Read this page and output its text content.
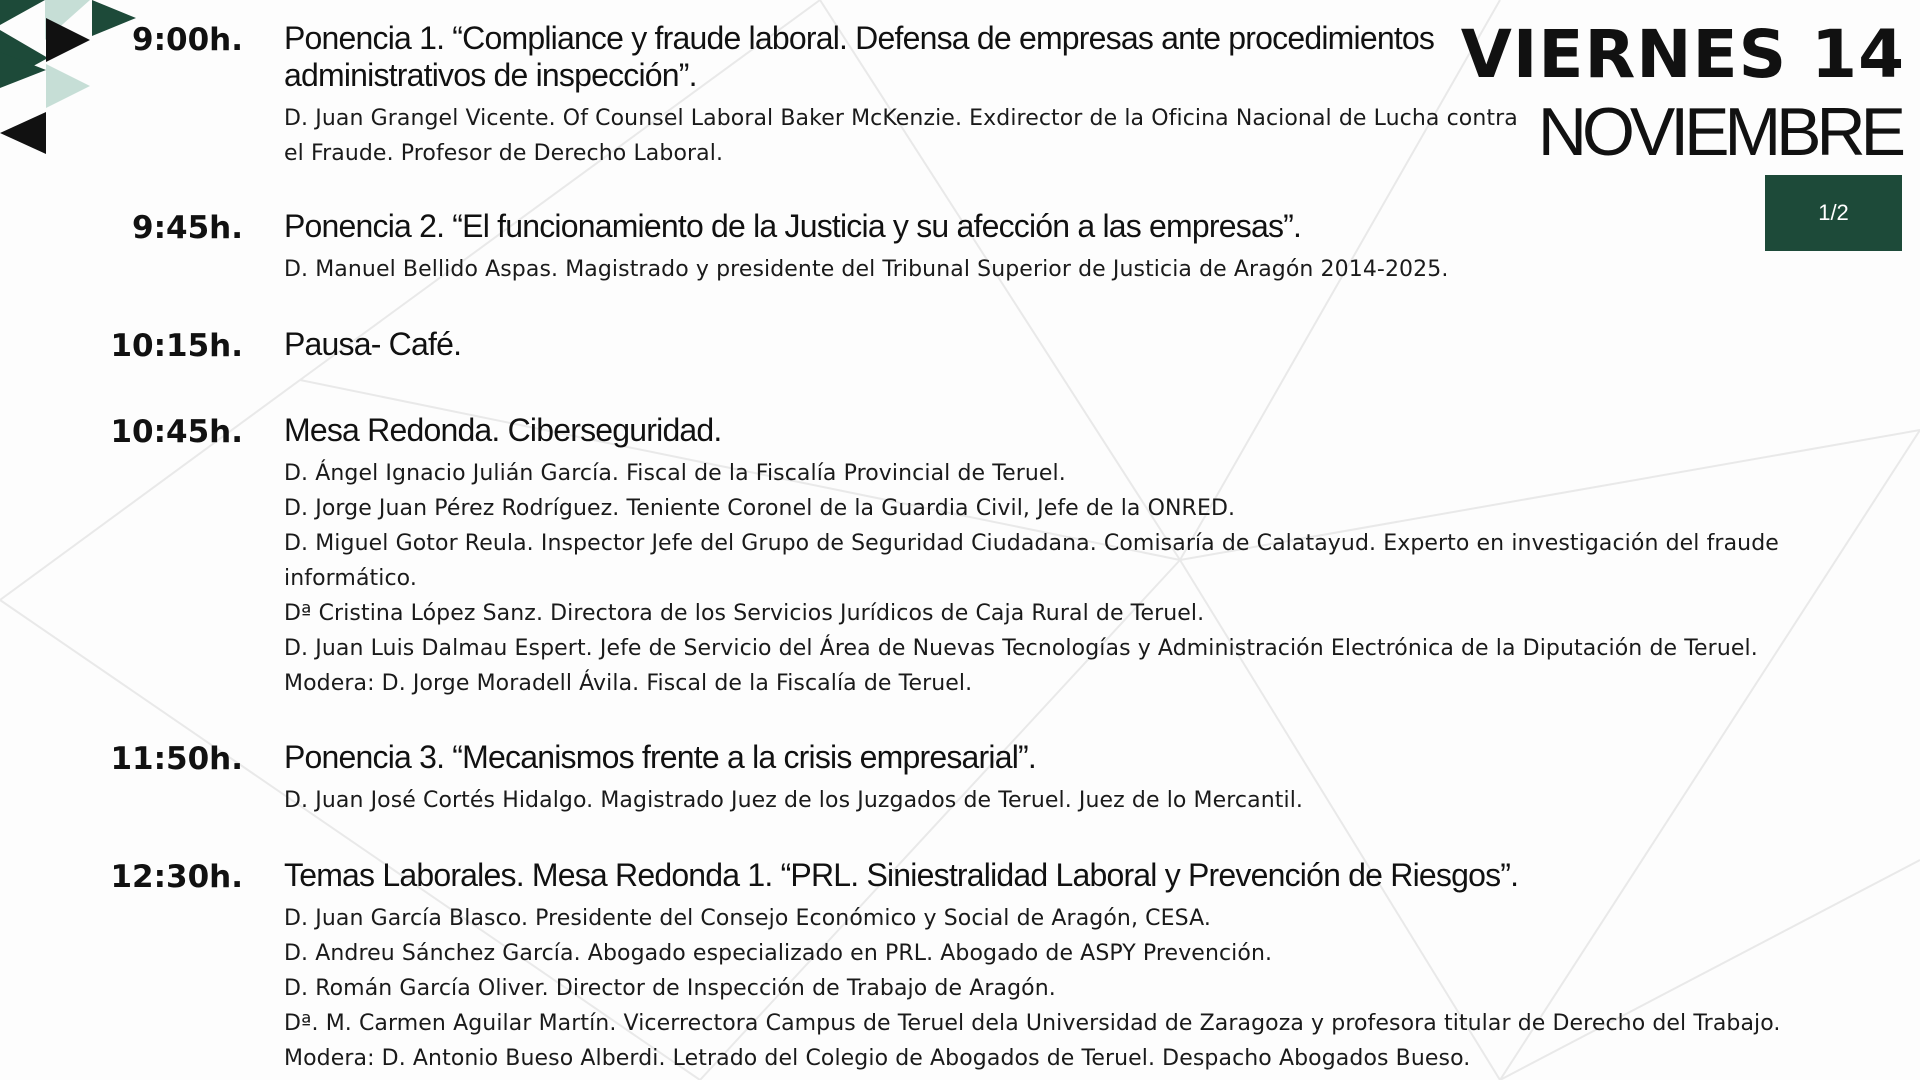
VIERNES 14
NOVIEMBRE
1/2
9:00h. Ponencia 1. “Compliance y fraude laboral. Defensa de empresas ante procedimientos administrativos de inspección”.

D. Juan Grangel Vicente. Of Counsel Laboral Baker McKenzie. Exdirector de la Oficina Nacional de Lucha contra el Fraude. Profesor de Derecho Laboral.
9:45h. Ponencia 2. “El funcionamiento de la Justicia y su afección a las empresas”.

D. Manuel Bellido Aspas. Magistrado y presidente del Tribunal Superior de Justicia de Aragón 2014-2025.
10:15h. Pausa- Café.

10:45h. Mesa Redonda. Ciberseguridad.

D. Ángel Ignacio Julián García. Fiscal de la Fiscalía Provincial de Teruel.
D. Jorge Juan Pérez Rodríguez. Teniente Coronel de la Guardia Civil, Jefe de la ONRED.
D. Miguel Gotor Reula. Inspector Jefe del Grupo de Seguridad Ciudadana. Comisaría de Calatayud. Experto en investigación del fraude informático.
Dª Cristina López Sanz. Directora de los Servicios Jurídicos de Caja Rural de Teruel.
D. Juan Luis Dalmau Espert. Jefe de Servicio del Área de Nuevas Tecnologías y Administración Electrónica de la Diputación de Teruel.
Modera: D. Jorge Moradell Ávila. Fiscal de la Fiscalía de Teruel.
11:50h. Ponencia 3. “Mecanismos frente a la crisis empresarial”.

D. Juan José Cortés Hidalgo. Magistrado Juez de los Juzgados de Teruel. Juez de lo Mercantil.
12:30h. Temas Laborales. Mesa Redonda 1. “PRL. Siniestralidad Laboral y Prevención de Riesgos”.

D. Juan García Blasco. Presidente del Consejo Económico y Social de Aragón, CESA.
D. Andreu Sánchez García. Abogado especializado en PRL. Abogado de ASPY Prevención.
D. Román García Oliver. Director de Inspección de Trabajo de Aragón.
Dª. M. Carmen Aguilar Martín. Vicerrectora Campus de Teruel dela Universidad de Zaragoza y profesora titular de Derecho del Trabajo.
Modera: D. Antonio Bueso Alberdi. Letrado del Colegio de Abogados de Teruel. Despacho Abogados Bueso.
